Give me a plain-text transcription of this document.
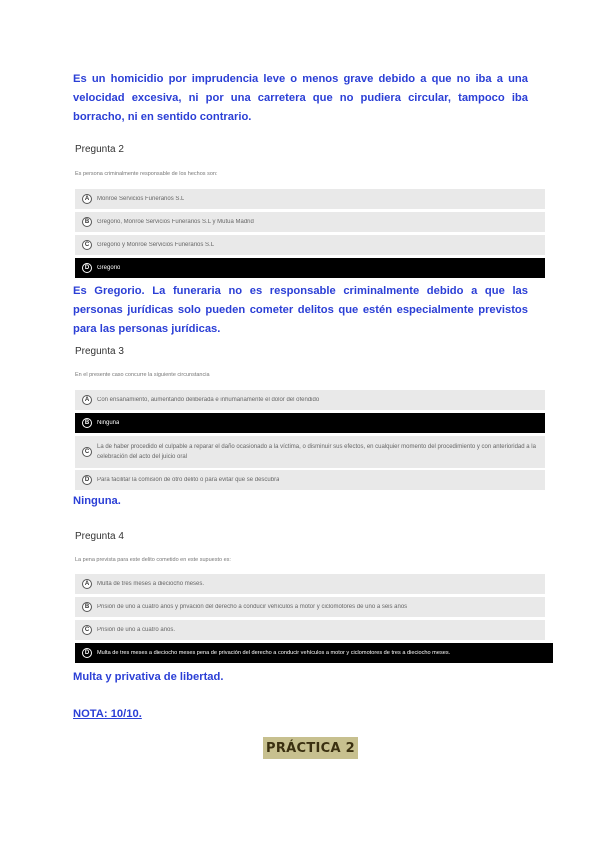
Es un homicidio por imprudencia leve o menos grave debido a que no iba a una velocidad excesiva, ni por una carretera que no pudiera circular, tampoco iba borracho, ni en sentido contrario.
Pregunta 2
Es persona criminalmente responsable de los hechos son:
A	Monroe Servicios Funerarios S.L
B	Gregorio, Monroe Servicios Funerarios S.L y Mutua Madrid
C	Gregorio y Monroe Servicios Funerarios S.L
D	Gregorio
Es Gregorio. La funeraria no es responsable criminalmente debido a que las personas jurídicas solo pueden cometer delitos que estén especialmente previstos para las personas jurídicas.
Pregunta 3
En el presente caso concurre la siguiente circunstancia
A	Con ensañamiento, aumentando deliberada e inhumanamente el dolor del ofendido
B	Ninguna
C
La de haber procedido el culpable a reparar el daño ocasionado a la víctima, o disminuir sus efectos, en cualquier momento del procedimiento y con anterioridad a la celebración del acto del juicio oral
D	Para facilitar la comisión de otro delito o para evitar que se descubra
Ninguna.
Pregunta 4
La pena prevista para este delito cometido en este supuesto es:
A	Multa de tres meses a dieciocho meses.
B	Prisión de uno a cuatro años y privación del derecho a conducir vehículos a motor y ciclomotores de uno a seis años
C	Prisión de uno a cuatro años.
D	Multa de tres meses a dieciocho meses pena de privación del derecho a conducir vehículos a motor y ciclomotores de tres a dieciocho meses.
Multa y privativa de libertad.
NOTA: 10/10.
PRÁCTICA 2
